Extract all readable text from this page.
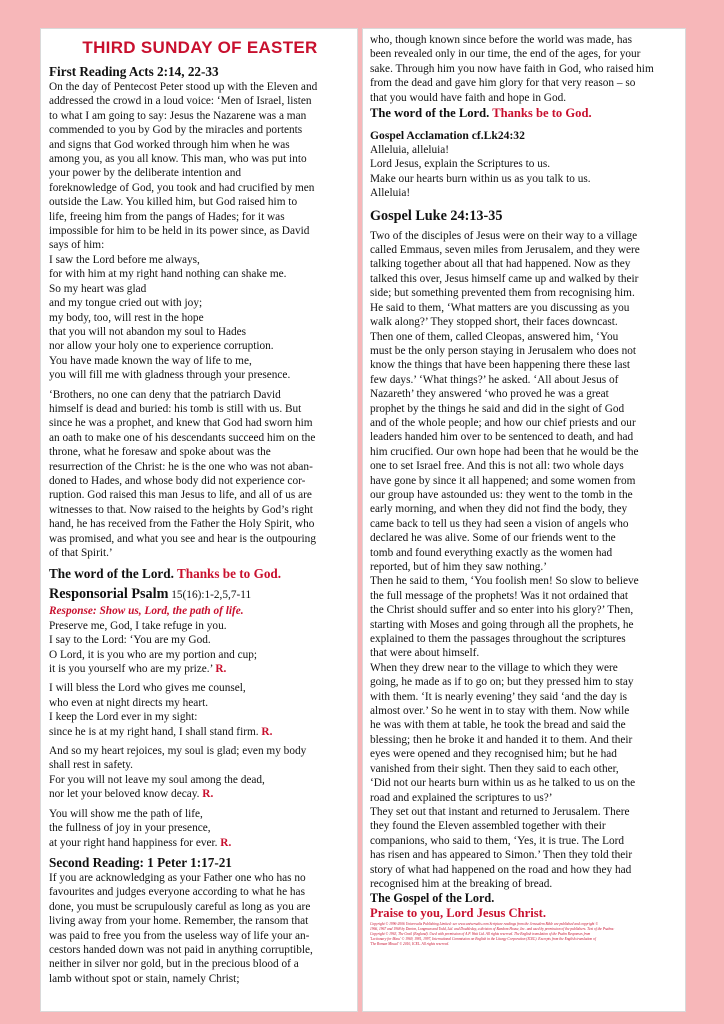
THIRD SUNDAY OF EASTER
First Reading Acts 2:14, 22-33
On the day of Pentecost Peter stood up with the Eleven and
addressed the crowd in a loud voice: ‘Men of Israel, listen
to what I am going to say: Jesus the Nazarene was a man
commended to you by God by the miracles and portents
and signs that God worked through him when he was
among you, as you all know. This man, who was put into
your power by the deliberate intention and
foreknowledge of God, you took and had crucified by men
outside the Law. You killed him, but God raised him to
life, freeing him from the pangs of Hades; for it was
impossible for him to be held in its power since, as David
says of him:
I saw the Lord before me always,
for with him at my right hand nothing can shake me.
So my heart was glad
and my tongue cried out with joy;
my body, too, will rest in the hope
that you will not abandon my soul to Hades
nor allow your holy one to experience corruption.
You have made known the way of life to me,
you will fill me with gladness through your presence.
‘Brothers, no one can deny that the patriarch David
himself is dead and buried: his tomb is still with us. But
since he was a prophet, and knew that God had sworn him
an oath to make one of his descendants succeed him on the
throne, what he foresaw and spoke about was the
resurrection of the Christ: he is the one who was not aban-
doned to Hades, and whose body did not experience cor-
ruption. God raised this man Jesus to life, and all of us are
witnesses to that. Now raised to the heights by God’s right
hand, he has received from the Father the Holy Spirit, who
was promised, and what you see and hear is the outpouring
of that Spirit.’
The word of the Lord. Thanks be to God.
Responsorial Psalm 15(16):1-2,5,7-11
Response: Show us, Lord, the path of life.
Preserve me, God, I take refuge in you.
I say to the Lord: ‘You are my God.
O Lord, it is you who are my portion and cup;
it is you yourself who are my prize.’ R.
I will bless the Lord who gives me counsel,
who even at night directs my heart.
I keep the Lord ever in my sight:
since he is at my right hand, I shall stand firm. R.
And so my heart rejoices, my soul is glad; even my body
shall rest in safety.
For you will not leave my soul among the dead,
nor let your beloved know decay. R.
You will show me the path of life,
the fullness of joy in your presence,
at your right hand happiness for ever. R.
Second Reading: 1 Peter 1:17-21
If you are acknowledging as your Father one who has no
favourites and judges everyone according to what he has
done, you must be scrupulously careful as long as you are
living away from your home. Remember, the ransom that
was paid to free you from the useless way of life your an-
cestors handed down was not paid in anything corruptible,
neither in silver nor gold, but in the precious blood of a
lamb without spot or stain, namely Christ;
who, though known since before the world was made, has
been revealed only in our time, the end of the ages, for your
sake. Through him you now have faith in God, who raised him
from the dead and gave him glory for that very reason – so
that you would have faith and hope in God.
The word of the Lord. Thanks be to God.
Gospel Acclamation cf.Lk24:32
Alleluia, alleluia!
Lord Jesus, explain the Scriptures to us.
Make our hearts burn within us as you talk to us.
Alleluia!
Gospel Luke 24:13-35
Two of the disciples of Jesus were on their way to a village
called Emmaus, seven miles from Jerusalem, and they were
talking together about all that had happened. Now as they
talked this over, Jesus himself came up and walked by their
side; but something prevented them from recognising him.
He said to them, ‘What matters are you discussing as you
walk along?’ They stopped short, their faces downcast.
Then one of them, called Cleopas, answered him, ‘You
must be the only person staying in Jerusalem who does not
know the things that have been happening there these last
few days.’ ‘What things?’ he asked. ‘All about Jesus of
Nazareth’ they answered ‘who proved he was a great
prophet by the things he said and did in the sight of God
and of the whole people; and how our chief priests and our
leaders handed him over to be sentenced to death, and had
him crucified. Our own hope had been that he would be the
one to set Israel free. And this is not all: two whole days
have gone by since it all happened; and some women from
our group have astounded us: they went to the tomb in the
early morning, and when they did not find the body, they
came back to tell us they had seen a vision of angels who
declared he was alive. Some of our friends went to the
tomb and found everything exactly as the women had
reported, but of him they saw nothing.’
Then he said to them, ‘You foolish men! So slow to believe
the full message of the prophets! Was it not ordained that
the Christ should suffer and so enter into his glory?’ Then,
starting with Moses and going through all the prophets, he
explained to them the passages throughout the scriptures
that were about himself.
When they drew near to the village to which they were
going, he made as if to go on; but they pressed him to stay
with them. ‘It is nearly evening’ they said ‘and the day is
almost over.’ So he went in to stay with them. Now while
he was with them at table, he took the bread and said the
blessing; then he broke it and handed it to them. And their
eyes were opened and they recognised him; but he had
vanished from their sight. Then they said to each other,
‘Did not our hearts burn within us as he talked to us on the
road and explained the scriptures to us?’
They set out that instant and returned to Jerusalem. There
they found the Eleven assembled together with their
companions, who said to them, ‘Yes, it is true. The Lord
has risen and has appeared to Simon.’ Then they told their
story of what had happened on the road and how they had
recognised him at the breaking of bread.
The Gospel of the Lord.
Praise to you, Lord Jesus Christ.
Copyright © 1996-2006 Universalis Publishing Limited: see www.universalis.com Scripture readings from the Jerusalem Bible are published and copyright ©
1966, 1967 and 1968 by Darton, Longman and Todd, Ltd. and Doubleday, a division of Random House, Inc. and used by permission of the publishers. Text of the Psalms:
Copyright © 1963, The Grail (England). Used with permission of A.P. Watt Ltd. All rights reserved. The English translation of the Psalm Responses from
'Lectionary for Mass' © 1969, 1981, 1997, International Commission on English in the Liturgy Corporation (ICEL). Excerpts from the English translation of
'The Roman Missal' © 2010, ICEL. All rights reserved.
